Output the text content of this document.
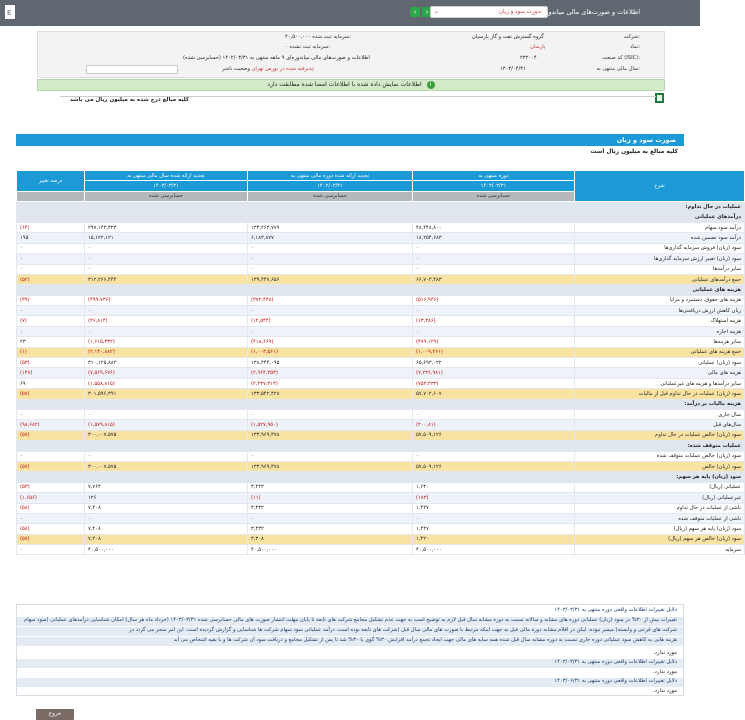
E	‹	›	صورت سود و زیان
⌄	اطلاعات و صورت‌های مالی میاندوره‌ای
شرکت:
گروه گسترش نفت و گاز پارسیان
نماد:
پارسان
کد صنعت (ISIC):
۲۳۲۰۰۴
سال مالی منتهی به:
۱۴۰۳/۰۴/۳۱
۴۰,۵۰۰,۰۰۰ سرمایه ثبت شده:
۰ سرمایه ثبت نشده:
اطلاعات و صورت‌های مالی میاندوره‌ای ۹ ماهه منتهی به ۱۴۰۲/۰۳/۳۱ (حسابرسی شده)
پذیرفته شده در بورس تهران وضعیت ناشر:
اطلاعات نمایش داده شده با اطلاعات امضا شده مطابقت دارد i
کلیه مبالغ درج شده به میلیون ریال می باشد
صورت سود و زیان
کلیه مبالغ به میلیون ریال است
شرح	دوره منتهی به	تجدید ارائه شده دوره مالی منتهی به	تجدید ارائه شده سال مالی منتهی به	درصد تغییر
	۱۴۰۳/۰۳/۳۱	۱۴۰۲/۰۳/۳۱	۱۴۰۳/۰۳/۳۱	
	حسابرسی شده	حسابرسی شده	حسابرسی شده	
عملیات در حال تداوم:				
درآمدهای عملیاتی				
درآمد سود سهام	۴۸,۴۴۸,۸۰۰	۱۳۳,۲۶۳,۷۷۹	۲۹۷,۱۴۳,۳۲۳	(۶۴)
درآمد سود تضمین شده	۱۸,۲۵۴,۶۸۳	۶,۱۸۳,۸۷۷	۱۵,۱۲۲,۱۲۱	۱۹۵
سود (زیان) فروش سرمایه گذاری‌ها	۰	۰	۰	۰
سود (زیان) تغییر ارزش سرمایه گذاری‌ها	۰	۰	۰	۰
سایر درآمدها	۰	۰	۰	۰
جمع درآمدهای عملیاتی	۶۶,۷۰۳,۴۸۳	۱۳۹,۴۴۷,۶۵۶	۳۱۲,۲۶۶,۴۴۴	(۵۲)
هزینه های عملیاتی				
هزینه های حقوق، دستمزد و مزایا	(۵۱۶,۹۴۶)	(۳۷۲,۴۴۸)	(۴۹۹,۷۳۶)	(۳۹)
زیان کاهش ارزش دریافتنی‌ها	۰	۰	۰	۰
هزینه استهلاک	(۱۳,۳۸۶)	(۱۲,۵۴۴)	(۲۶,۸۱۴)	(۷)
هزینه اجاره	۰	۰	۰	۰
سایر هزینه‌ها	(۴۷۹,۱۲۹)	(۴۱۸,۶۶۹)	(۱,۶۱۵,۳۳۲)	۲۳
جمع هزینه های عملیاتی	(۱,۰۰۹,۴۶۱)	(۱,۰۰۳,۵۶۱)	(۲,۱۴۰,۸۸۲)	(۱)
سود (زیان) عملیاتی	۶۵,۶۹۳,۰۲۲	۱۳۸,۴۴۴,۰۹۵	۳۱۰,۱۲۵,۸۸۲	(۵۳)
هزینه های مالی	(۷,۲۳۶,۹۸۱)	(۲,۹۶۴,۳۵۳)	(۷,۵۶۹,۶۷۶)	(۱۴۷)
سایر درآمدها و هزینه های غیرعملیاتی	(۷۵۳,۴۳۳)	(۲,۴۳۷,۳۱۳)	(۱,۵۵۸,۸۱۵)	۶۹
سود (زیان) عملیات در حال تداوم قبل از مالیات	۵۷,۷۰۲,۶۰۷	۱۳۳,۵۴۲,۴۲۸	۳۰۱,۵۹۶,۳۹۱	(۵۷)
هزینه مالیات بر درآمد:				
سال جاری	۰	۰	۰	۰
سال‌های قبل	(۲۰۰,۸۱)	(۱,۵۲۷,۹۵۰)	(۱,۵۷۹,۸۱۵)	(۹۸,۶۸۲)
سود (زیان) خالص عملیات در حال تداوم	۵۷,۵۰۹,۱۲۶	۱۳۳,۹۶۹,۴۷۸	۳۰۰,۰۰۷,۵۷۵	(۵۷)
عملیات متوقف شده:				
سود (زیان) خالص عملیات متوقف شده	۰	۰	۰	۰
سود (زیان) خالص	۵۷,۵۰۹,۱۲۶	۱۳۳,۹۶۹,۴۷۸	۳۰۰,۰۰۷,۵۷۵	(۵۷)
سود (زیان) پایه هر سهم:				
عملیاتی (ریال)	۱,۶۳۰	۳,۴۴۳	۷,۷۶۴	(۵۳)
غیرعملیاتی (ریال)	(۱۸۳)	(۱۱)	۱۲۶	(۱,۶۵۶)
ناشی از عملیات در حال تداوم	۱,۴۴۷	۳,۴۳۲	۷,۴۰۸	(۵۸)
ناشی از عملیات متوقف شده	۰	۰	۰	۰
سود (زیان) پایه هر سهم (ریال)	۱,۴۴۷	۳,۴۳۲	۷,۴۰۸	(۵۸)
سود (زیان) خالص هر سهم (ریال)	۱,۴۲۰	۳,۳۰۸	۷,۴۰۸	(۵۷)
سرمایه	۴۰,۵۰۰,۰۰۰	۴۰,۵۰۰,۰۰۰	۴۰,۵۰۰,۰۰۰	۰
دلایل تغییرات اطلاعات واقعی دوره منتهی به ۱۴۰۳/۰۳/۳۱
تغییرات بیش از ۳۰% در سود (زیان) عملیاتی دوره های مشابه و سالانه نسبت به دوره مشابه سال قبل لازم به توضیح است به جهت عدم تشکیل مجامع شرکت های تابعه تا پایان مهلت انتشار صورت های مالی حسابرسی شده ۱۴۰۳/۰۳/۳۱ (خرداد ماه هر سال) امکان شناسایی درآمدهای عملیاتی (سود سهام
شرکت های فرعی و وابسته) میسر نبوده، لیکن در اقلام مشابه دوره مالی قبل به جهت اینکه مرتبط با صورت های مالی سال قبل (شرکت های تابعه بوده است، درآمد عملیاتی سود سهام شرکت ها شناسایی و گزارش گردیده است. این امر منجر می گردد در
هزینه هایی به کاهش سود عملیاتی دوره جاری نسبت به دوره مشابه سال قبل شده همه سایه های مالی جهت ایجاد تجمع درآمد افزایش ۳۰% گوی یا ۳۰% شد تا پس از تشکیل مجامع و دریافت سود آن شرکت ها و با بقیه اشخاص می آید
مورد ندارد.
دلایل تغییرات اطلاعات واقعی دوره منتهی به ۱۴۰۳/۰۳/۳۱
مورد ندارد.
دلایل تغییرات اطلاعات واقعی دوره منتهی به ۱۴۰۳/۰۶/۳۱
مورد ندارد.
خروج
